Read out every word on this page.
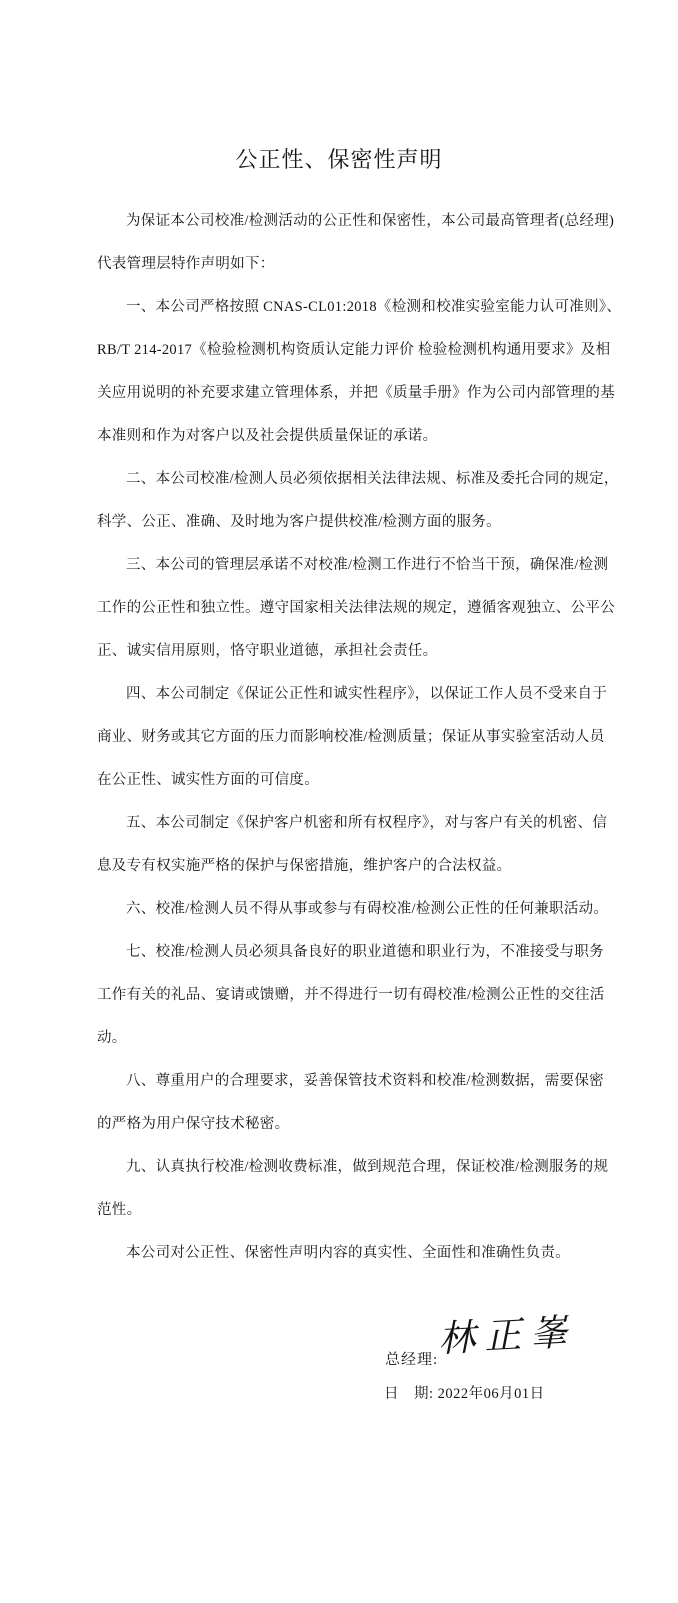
公正性、保密性声明
为保证本公司校准/检测活动的公正性和保密性，本公司最高管理者(总经理)
代表管理层特作声明如下：
一、本公司严格按照 CNAS-CL01:2018《检测和校准实验室能力认可准则》、
RB/T 214-2017《检验检测机构资质认定能力评价 检验检测机构通用要求》及相
关应用说明的补充要求建立管理体系，并把《质量手册》作为公司内部管理的基
本准则和作为对客户以及社会提供质量保证的承诺。
二、本公司校准/检测人员必须依据相关法律法规、标准及委托合同的规定，
科学、公正、准确、及时地为客户提供校准/检测方面的服务。
三、本公司的管理层承诺不对校准/检测工作进行不恰当干预，确保准/检测
工作的公正性和独立性。遵守国家相关法律法规的规定，遵循客观独立、公平公
正、诚实信用原则，恪守职业道德，承担社会责任。
四、本公司制定《保证公正性和诚实性程序》，以保证工作人员不受来自于
商业、财务或其它方面的压力而影响校准/检测质量；保证从事实验室活动人员
在公正性、诚实性方面的可信度。
五、本公司制定《保护客户机密和所有权程序》，对与客户有关的机密、信
息及专有权实施严格的保护与保密措施，维护客户的合法权益。
六、校准/检测人员不得从事或参与有碍校准/检测公正性的任何兼职活动。
七、校准/检测人员必须具备良好的职业道德和职业行为，不准接受与职务
工作有关的礼品、宴请或馈赠，并不得进行一切有碍校准/检测公正性的交往活
动。
八、尊重用户的合理要求，妥善保管技术资料和校准/检测数据，需要保密
的严格为用户保守技术秘密。
九、认真执行校准/检测收费标准，做到规范合理，保证校准/检测服务的规
范性。
本公司对公正性、保密性声明内容的真实性、全面性和准确性负责。
总经理:
林正峯
日　期: 2022年06月01日
